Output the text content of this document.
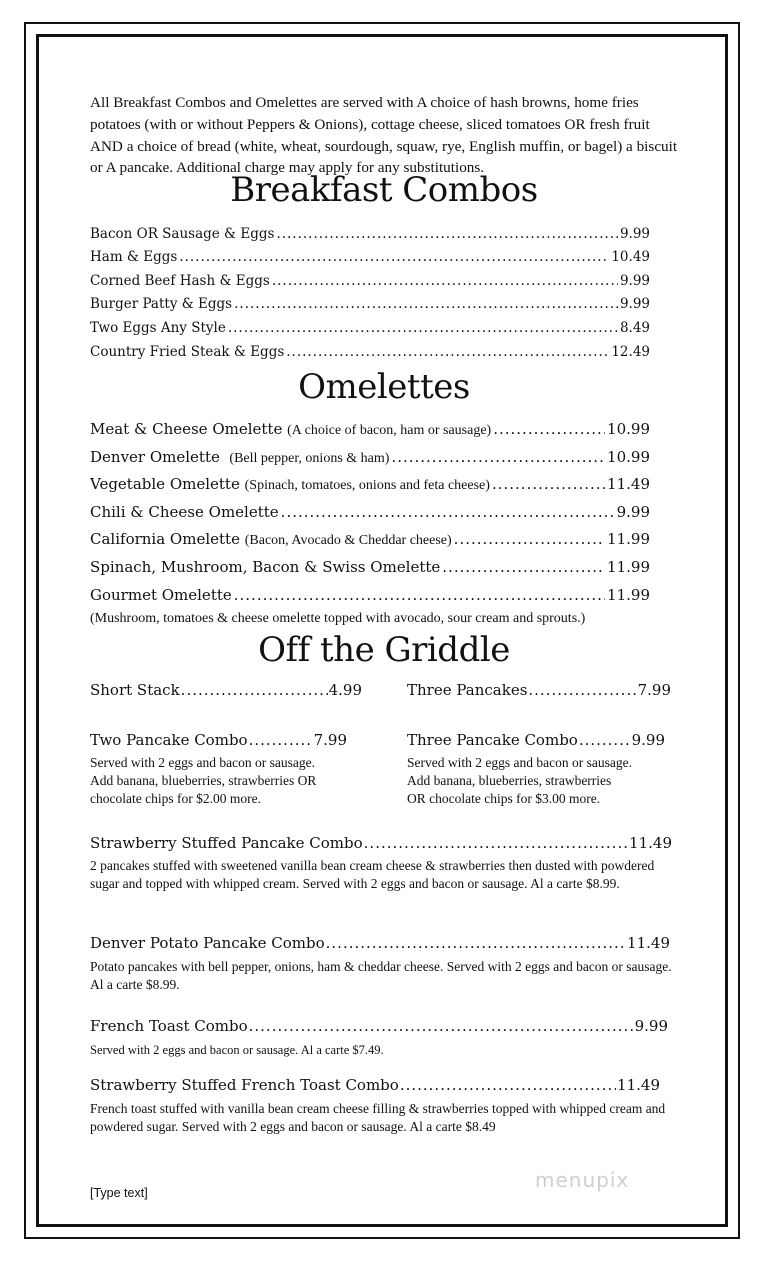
All Breakfast Combos and Omelettes are served with A choice of hash browns, home fries potatoes (with or without Peppers & Onions), cottage cheese, sliced tomatoes OR fresh fruit AND a choice of bread (white, wheat, sourdough, squaw, rye, English muffin, or bagel) a biscuit or A pancake. Additional charge may apply for any substitutions.
Breakfast Combos
Bacon OR Sausage & Eggs .....	9.99
Ham & Eggs .....	10.49
Corned Beef Hash & Eggs .....	9.99
Burger Patty & Eggs .....	9.99
Two Eggs Any Style .....	8.49
Country Fried Steak & Eggs .....	12.49
Omelettes
Meat & Cheese Omelette
(A choice of bacon, ham or sausage) .....	10.99
Denver Omelette
(Bell pepper, onions & ham) .....	10.99
Vegetable Omelette
(Spinach, tomatoes, onions and feta cheese) .....	11.49
Chili & Cheese Omelette .....	9.99
California Omelette
(Bacon, Avocado & Cheddar cheese) .....	11.99
Spinach, Mushroom, Bacon & Swiss Omelette .....	11.99
Gourmet Omelette .....	11.99
(Mushroom, tomatoes & cheese omelette topped with avocado, sour cream and sprouts.)
Off the Griddle
Short Stack .....	4.99	Three Pancakes .....	7.99
Two Pancake Combo .....	7.99
Served with 2 eggs and bacon or sausage.
Add banana, blueberries, strawberries OR
chocolate chips for $2.00 more.
Three Pancake Combo .....	9.99
Served with 2 eggs and bacon or sausage.
Add banana, blueberries, strawberries
OR chocolate chips for $3.00 more.
Strawberry Stuffed Pancake Combo .....	11.49
2 pancakes stuffed with sweetened vanilla bean cream cheese & strawberries then dusted with powdered sugar and topped with whipped cream. Served with 2 eggs and bacon or sausage. Al a carte $8.99.
Denver Potato Pancake Combo .....	11.49
Potato pancakes with bell pepper, onions, ham & cheddar cheese. Served with 2 eggs and bacon or sausage. Al a carte $8.99.
French Toast Combo .....	9.99
Served with 2 eggs and bacon or sausage. Al a carte $7.49.
Strawberry Stuffed French Toast Combo .....	11.49
French toast stuffed with vanilla bean cream cheese filling & strawberries topped with whipped cream and powdered sugar. Served with 2 eggs and bacon or sausage. Al a carte $8.49
menupix
[Type text]
